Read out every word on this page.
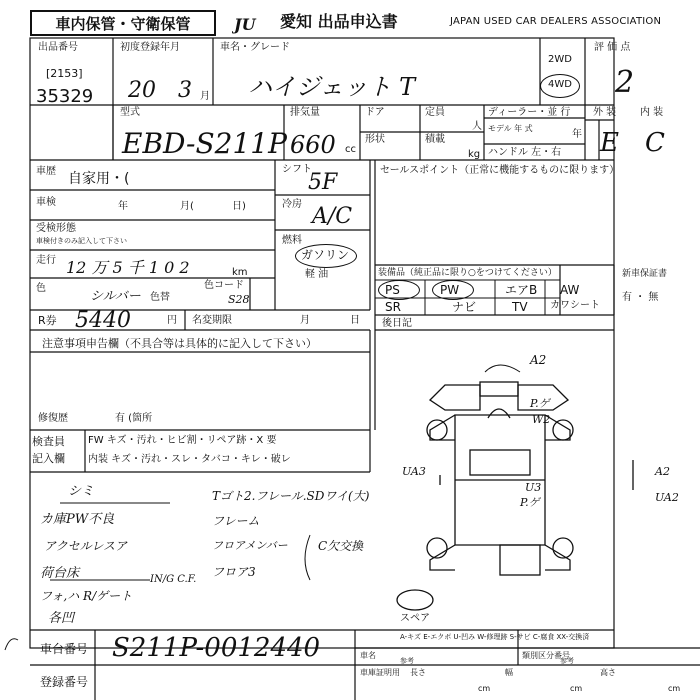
車内保管・守衛保管	JU 愛知 出品申込書	JAPAN USED CAR DEALERS ASSOCIATION
出品番号
[2153]
35329
初度登録年月
20 3 月
車名・グレード
ハイジェット T
2WD
4WD
評 価 点
2
型式
EBD-S211P
排気量
660 cc
ドア
形状
定員
人
積載
kg
ディーラー・並 行
モデル 年 式
年
ハンドル 左・右
外 装 内 装
E C
車歴 自家用・(
車検	年	月(	日)
受検形態
車検付きのみ記入して下さい
走行 12 万 5 千 1 0 2	km
色
シルバー 色替
色コード
S28
シフト
5F
冷房 A/C
燃料
ガソリン
軽 油
R券 5440	円 名変期限	月	日
セールスポイント（正常に機能するものに限ります）
装備品（純正品に限り○をつけてください）
PS	PW	エアB AW
SR	ナビ	TV カワシート
新車保証書
有 ・ 無
後日記
注意事項申告欄（不具合等は具体的に記入して下さい）
修復歴	有 (箇所
検査員
記入欄
FW キズ・汚れ・ヒビ割・リペア跡・X 要
内装 キズ・汚れ・スレ・タバコ・キレ・破レ
シミ
カ庫PW不良
アクセルレスア
荷台床
フォ,ハ R/ゲート
各凹
Tゴト2.フレール.SDワイ(大)
フレーム
フロアメンバー
フロア3
C欠交換
IN/G C.F.
A2
P.ゲ
W2
U3
P.ゲ
UA3	A2
UA2
スペア
車台番号 S211P-0012440
登録番号
A-キズ E-エクボ U-凹み W-修理跡 S-サビ C-腐食 XX-交換済
車名	類別区分番号
参考	参考
車庫証明用 長さ	幅	高さ
cm	cm	cm
